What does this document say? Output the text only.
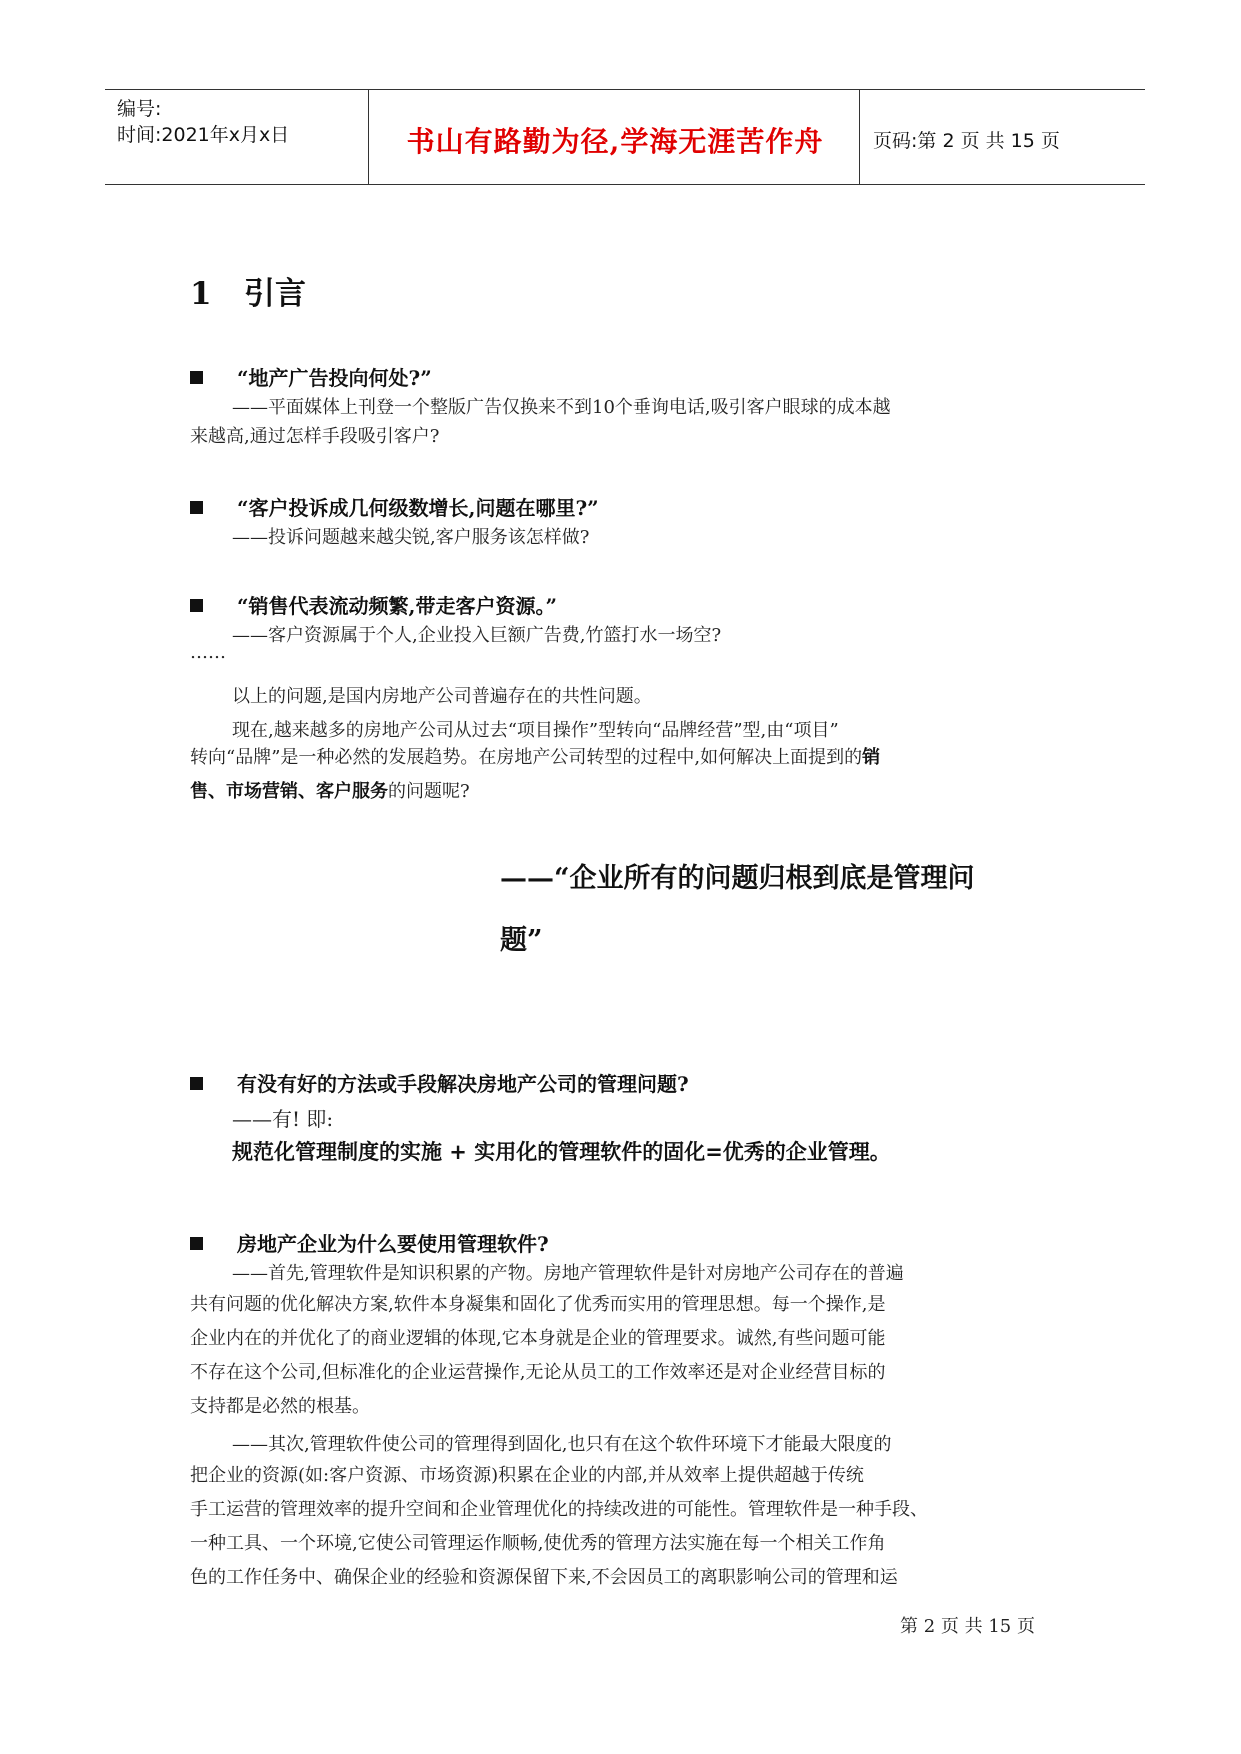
编号:
时间:2021年x月x日	书山有路勤为径,学海无涯苦作舟	页码:第 2 页 共 15 页
1   引言
“地产广告投向何处?”
——平面媒体上刊登一个整版广告仅换来不到10个垂询电话,吸引客户眼球的成本越
来越高,通过怎样手段吸引客户?
“客户投诉成几何级数增长,问题在哪里?”
——投诉问题越来越尖锐,客户服务该怎样做?
“销售代表流动频繁,带走客户资源。”
——客户资源属于个人,企业投入巨额广告费,竹篮打水一场空?
……
以上的问题,是国内房地产公司普遍存在的共性问题。
现在,越来越多的房地产公司从过去“项目操作”型转向“品牌经营”型,由“项目”
转向“品牌”是一种必然的发展趋势。在房地产公司转型的过程中,如何解决上面提到的销
售、市场营销、客户服务的问题呢?
——“企业所有的问题归根到底是管理问
题”
有没有好的方法或手段解决房地产公司的管理问题?
——有! 即:
规范化管理制度的实施 + 实用化的管理软件的固化=优秀的企业管理。
房地产企业为什么要使用管理软件?
——首先,管理软件是知识积累的产物。房地产管理软件是针对房地产公司存在的普遍
共有问题的优化解决方案,软件本身凝集和固化了优秀而实用的管理思想。每一个操作,是
企业内在的并优化了的商业逻辑的体现,它本身就是企业的管理要求。诚然,有些问题可能
不存在这个公司,但标准化的企业运营操作,无论从员工的工作效率还是对企业经营目标的
支持都是必然的根基。
——其次,管理软件使公司的管理得到固化,也只有在这个软件环境下才能最大限度的
把企业的资源(如:客户资源、市场资源)积累在企业的内部,并从效率上提供超越于传统
手工运营的管理效率的提升空间和企业管理优化的持续改进的可能性。管理软件是一种手段、
一种工具、一个环境,它使公司管理运作顺畅,使优秀的管理方法实施在每一个相关工作角
色的工作任务中、确保企业的经验和资源保留下来,不会因员工的离职影响公司的管理和运
第 2 页 共 15 页
